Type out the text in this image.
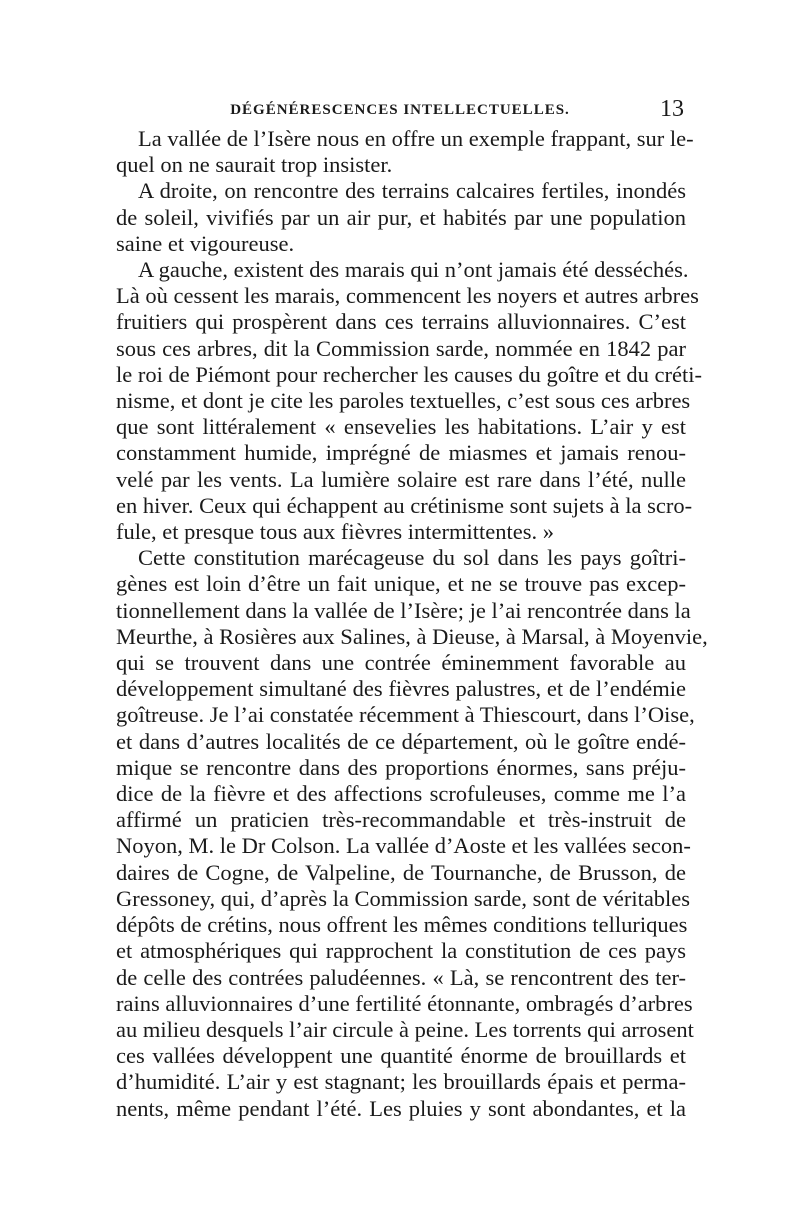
DÉGÉNÉRESCENCES INTELLECTUELLES.	13
La vallée de l’Isère nous en offre un exemple frappant, sur le-
quel on ne saurait trop insister.
A droite, on rencontre des terrains calcaires fertiles, inondés
de soleil, vivifiés par un air pur, et habités par une population
saine et vigoureuse.
A gauche, existent des marais qui n’ont jamais été desséchés.
Là où cessent les marais, commencent les noyers et autres arbres
fruitiers qui prospèrent dans ces terrains alluvionnaires. C’est
sous ces arbres, dit la Commission sarde, nommée en 1842 par
le roi de Piémont pour rechercher les causes du goître et du créti-
nisme, et dont je cite les paroles textuelles, c’est sous ces arbres
que sont littéralement « ensevelies les habitations. L’air y est
constamment humide, imprégné de miasmes et jamais renou-
velé par les vents. La lumière solaire est rare dans l’été, nulle
en hiver. Ceux qui échappent au crétinisme sont sujets à la scro-
fule, et presque tous aux fièvres intermittentes. »
Cette constitution marécageuse du sol dans les pays goîtri-
gènes est loin d’être un fait unique, et ne se trouve pas excep-
tionnellement dans la vallée de l’Isère; je l’ai rencontrée dans la
Meurthe, à Rosières aux Salines, à Dieuse, à Marsal, à Moyenvie,
qui se trouvent dans une contrée éminemment favorable au
développement simultané des fièvres palustres, et de l’endémie
goîtreuse. Je l’ai constatée récemment à Thiescourt, dans l’Oise,
et dans d’autres localités de ce département, où le goître endé-
mique se rencontre dans des proportions énormes, sans préju-
dice de la fièvre et des affections scrofuleuses, comme me l’a
affirmé un praticien très-recommandable et très-instruit de
Noyon, M. le Dr Colson. La vallée d’Aoste et les vallées secon-
daires de Cogne, de Valpeline, de Tournanche, de Brusson, de
Gressoney, qui, d’après la Commission sarde, sont de véritables
dépôts de crétins, nous offrent les mêmes conditions telluriques
et atmosphériques qui rapprochent la constitution de ces pays
de celle des contrées paludéennes. « Là, se rencontrent des ter-
rains alluvionnaires d’une fertilité étonnante, ombragés d’arbres
au milieu desquels l’air circule à peine. Les torrents qui arrosent
ces vallées développent une quantité énorme de brouillards et
d’humidité. L’air y est stagnant; les brouillards épais et perma-
nents, même pendant l’été. Les pluies y sont abondantes, et la
